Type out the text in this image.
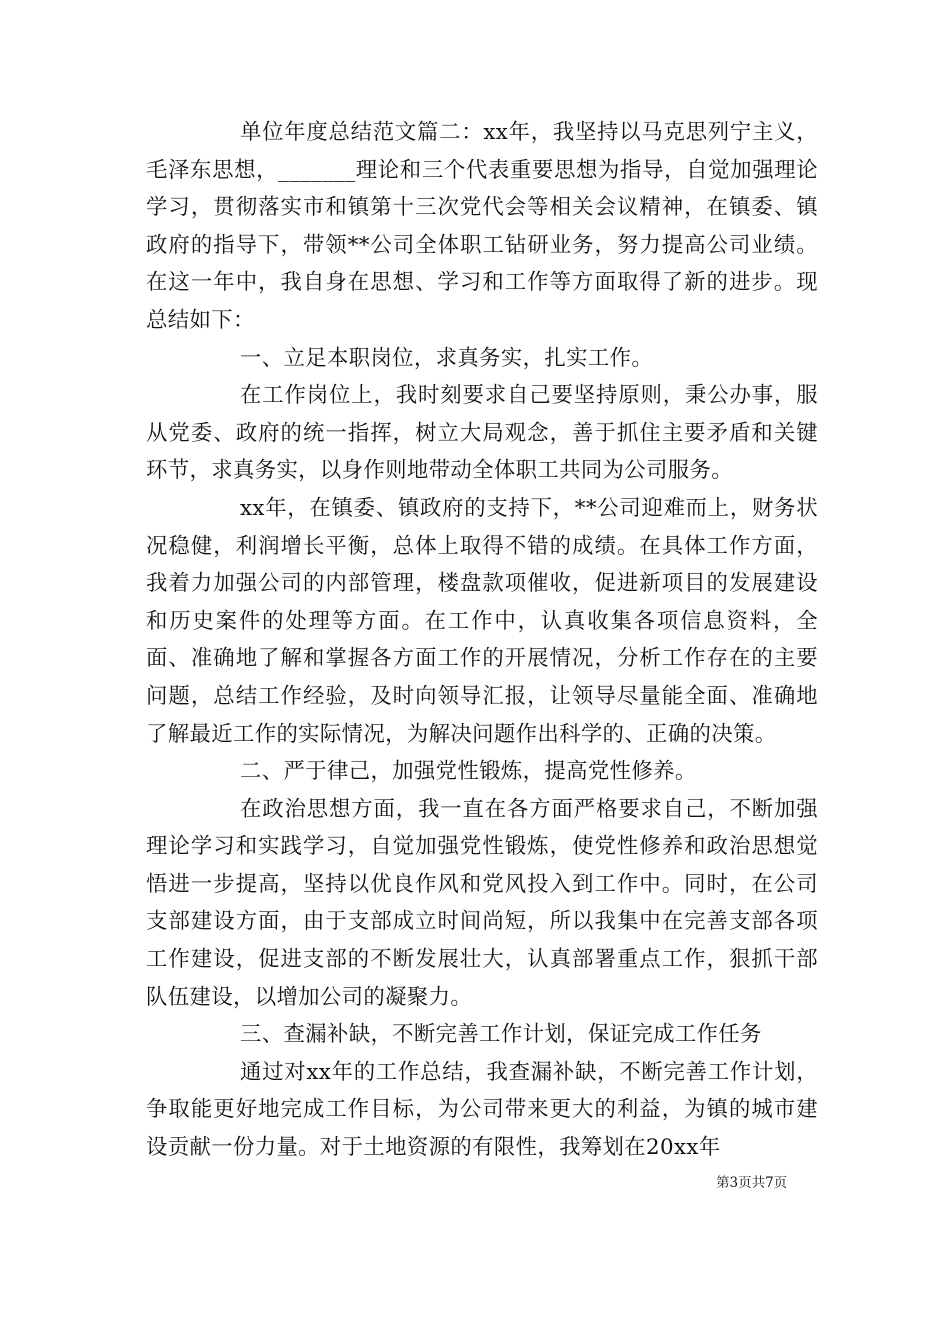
单位年度总结范文篇二：xx年，我坚持以马克思列宁主义，毛泽东思想，_______理论和三个代表重要思想为指导，自觉加强理论学习，贯彻落实市和镇第十三次党代会等相关会议精神，在镇委、镇政府的指导下，带领**公司全体职工钻研业务，努力提高公司业绩。在这一年中，我自身在思想、学习和工作等方面取得了新的进步。现总结如下：

一、立足本职岗位，求真务实，扎实工作。

在工作岗位上，我时刻要求自己要坚持原则，秉公办事，服从党委、政府的统一指挥，树立大局观念，善于抓住主要矛盾和关键环节，求真务实，以身作则地带动全体职工共同为公司服务。

xx年，在镇委、镇政府的支持下，**公司迎难而上，财务状况稳健，利润增长平衡，总体上取得不错的成绩。在具体工作方面，我着力加强公司的内部管理，楼盘款项催收，促进新项目的发展建设和历史案件的处理等方面。在工作中，认真收集各项信息资料，全面、准确地了解和掌握各方面工作的开展情况，分析工作存在的主要问题，总结工作经验，及时向领导汇报，让领导尽量能全面、准确地了解最近工作的实际情况，为解决问题作出科学的、正确的决策。

二、严于律己，加强党性锻炼，提高党性修养。

在政治思想方面，我一直在各方面严格要求自己，不断加强理论学习和实践学习，自觉加强党性锻炼，使党性修养和政治思想觉悟进一步提高，坚持以优良作风和党风投入到工作中。同时，在公司支部建设方面，由于支部成立时间尚短，所以我集中在完善支部各项工作建设，促进支部的不断发展壮大，认真部署重点工作，狠抓干部队伍建设，以增加公司的凝聚力。

三、查漏补缺，不断完善工作计划，保证完成工作任务

通过对xx年的工作总结，我查漏补缺，不断完善工作计划，争取能更好地完成工作目标，为公司带来更大的利益，为镇的城市建设贡献一份力量。对于土地资源的有限性，我筹划在20xx年

第3页共7页
